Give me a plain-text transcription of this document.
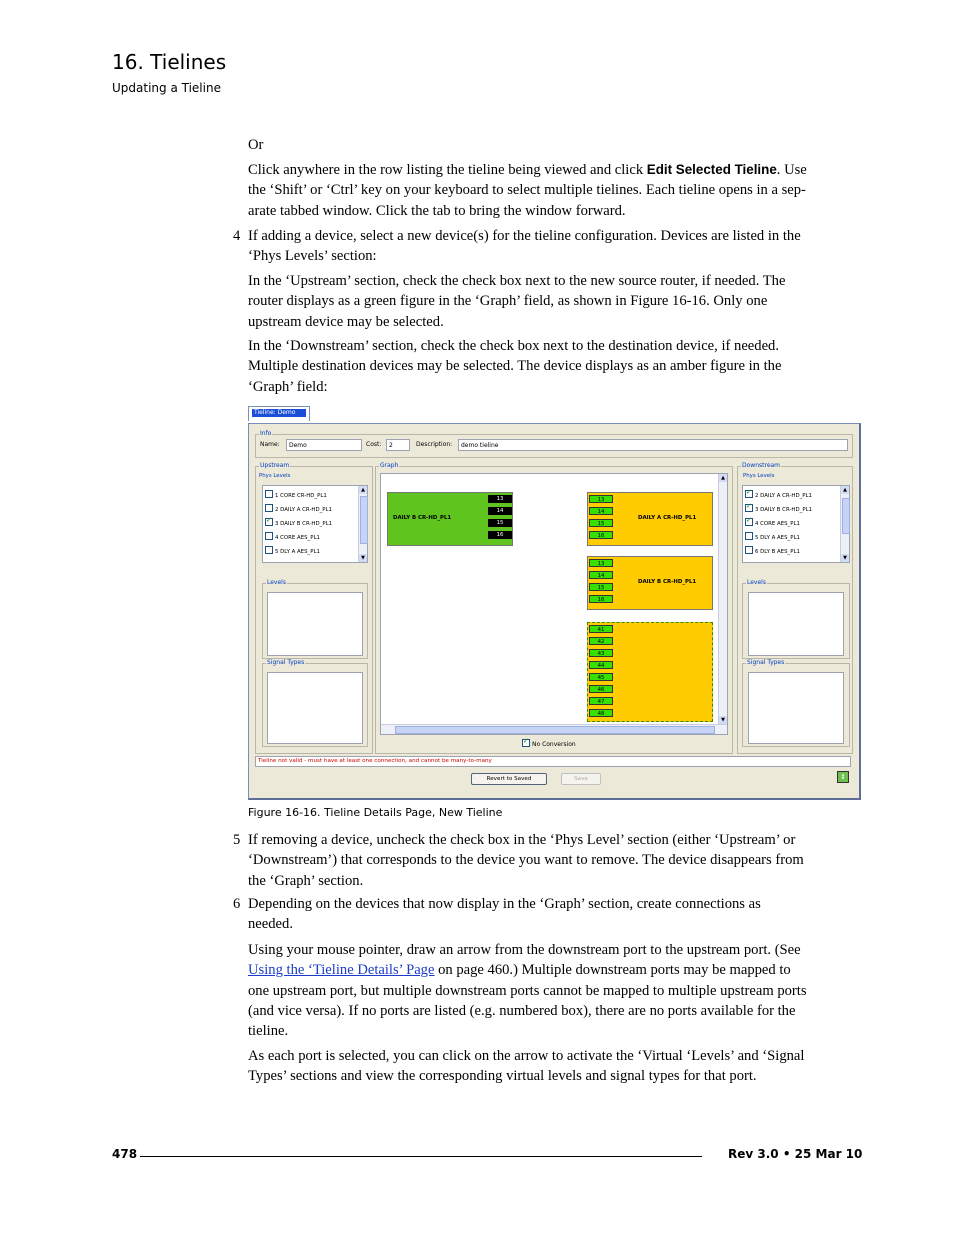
16. Tielines
Updating a Tieline
Or
Click anywhere in the row listing the tieline being viewed and click Edit Selected Tieline. Use
the ‘Shift’ or ‘Ctrl’ key on your keyboard to select multiple tielines. Each tieline opens in a sep-
arate tabbed window. Click the tab to bring the window forward.
4 If adding a device, select a new device(s) for the tieline configuration. Devices are listed in the
‘Phys Levels’ section:
In the ‘Upstream’ section, check the check box next to the new source router, if needed. The
router displays as a green figure in the ‘Graph’ field, as shown in Figure 16-16. Only one
upstream device may be selected.
In the ‘Downstream’ section, check the check box next to the destination device, if needed.
Multiple destination devices may be selected. The device displays as an amber figure in the
‘Graph’ field:
Tieline: Demo
Info
Name:	Demo	Cost:	2	Description:	demo tieline
Upstream
Phys Levels
1 CORE CR-HD_PL1
2 DAILY A CR-HD_PL1
✓3 DAILY B CR-HD_PL1
4 CORE AES_PL1
5 DLY A AES_PL1
▲
▼
Levels
Signal Types
Graph
DAILY B CR-HD_PL1
13
14
15
16
DAILY A CR-HD_PL1
13
14
15
16
DAILY B CR-HD_PL1
13
14
15
16
41
42
43
44
45
46
47
48
▲
▼
✓No Conversion
Downstream
Phys Levels
✓2 DAILY A CR-HD_PL1
✓3 DAILY B CR-HD_PL1
✓4 CORE AES_PL1
5 DLY A AES_PL1
6 DLY B AES_PL1
▲
▼
Levels
Signal Types
Tieline not valid - must have at least one connection, and cannot be many-to-many
Revert to Saved	Save	⇕
Figure 16-16. Tieline Details Page, New Tieline
5 If removing a device, uncheck the check box in the ‘Phys Level’ section (either ‘Upstream’ or
‘Downstream’) that corresponds to the device you want to remove. The device disappears from
the ‘Graph’ section.
6 Depending on the devices that now display in the ‘Graph’ section, create connections as
needed.
Using your mouse pointer, draw an arrow from the downstream port to the upstream port. (See
Using the ‘Tieline Details’ Page on page 460.) Multiple downstream ports may be mapped to
one upstream port, but multiple downstream ports cannot be mapped to multiple upstream ports
(and vice versa). If no ports are listed (e.g. numbered box), there are no ports available for the
tieline.
As each port is selected, you can click on the arrow to activate the ‘Virtual ‘Levels’ and ‘Signal
Types’ sections and view the corresponding virtual levels and signal types for that port.
478	Rev 3.0 • 25 Mar 10
